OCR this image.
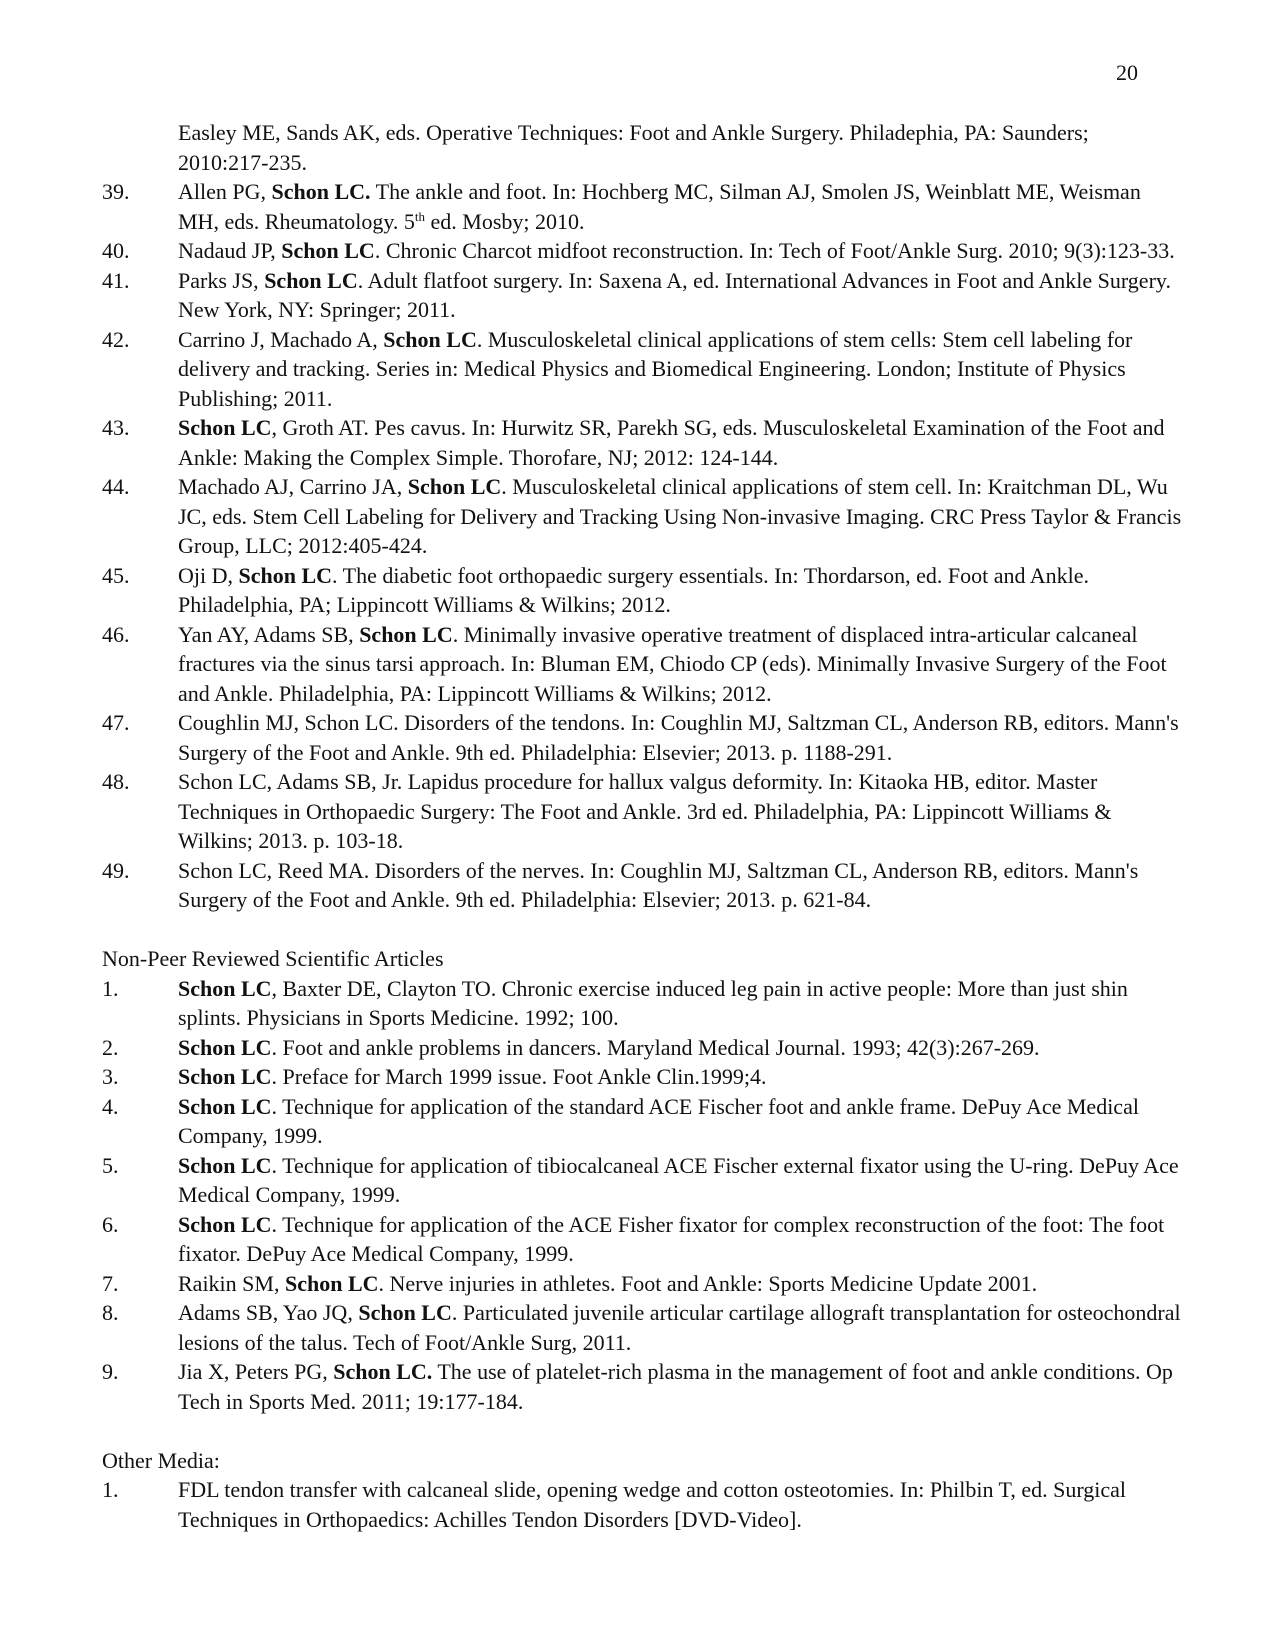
20
Easley ME, Sands AK, eds. Operative Techniques: Foot and Ankle Surgery. Philadephia, PA: Saunders; 2010:217-235.
39.	Allen PG, Schon LC. The ankle and foot. In: Hochberg MC, Silman AJ, Smolen JS, Weinblatt ME, Weisman MH, eds. Rheumatology. 5th ed. Mosby; 2010.
40.	Nadaud JP, Schon LC. Chronic Charcot midfoot reconstruction. In: Tech of Foot/Ankle Surg. 2010; 9(3):123-33.
41.	Parks JS, Schon LC. Adult flatfoot surgery. In: Saxena A, ed. International Advances in Foot and Ankle Surgery. New York, NY: Springer; 2011.
42.	Carrino J, Machado A, Schon LC. Musculoskeletal clinical applications of stem cells: Stem cell labeling for delivery and tracking. Series in: Medical Physics and Biomedical Engineering. London; Institute of Physics Publishing; 2011.
43.	Schon LC, Groth AT. Pes cavus. In: Hurwitz SR, Parekh SG, eds. Musculoskeletal Examination of the Foot and Ankle: Making the Complex Simple. Thorofare, NJ; 2012: 124-144.
44.	Machado AJ, Carrino JA, Schon LC. Musculoskeletal clinical applications of stem cell. In: Kraitchman DL, Wu JC, eds. Stem Cell Labeling for Delivery and Tracking Using Non-invasive Imaging. CRC Press Taylor & Francis Group, LLC; 2012:405-424.
45.	Oji D, Schon LC. The diabetic foot orthopaedic surgery essentials. In: Thordarson, ed. Foot and Ankle. Philadelphia, PA; Lippincott Williams & Wilkins; 2012.
46.	Yan AY, Adams SB, Schon LC. Minimally invasive operative treatment of displaced intra-articular calcaneal fractures via the sinus tarsi approach. In: Bluman EM, Chiodo CP (eds). Minimally Invasive Surgery of the Foot and Ankle. Philadelphia, PA: Lippincott Williams & Wilkins; 2012.
47.	Coughlin MJ, Schon LC. Disorders of the tendons. In: Coughlin MJ, Saltzman CL, Anderson RB, editors. Mann's Surgery of the Foot and Ankle. 9th ed. Philadelphia: Elsevier; 2013. p. 1188-291.
48.	Schon LC, Adams SB, Jr. Lapidus procedure for hallux valgus deformity. In: Kitaoka HB, editor. Master Techniques in Orthopaedic Surgery: The Foot and Ankle. 3rd ed. Philadelphia, PA: Lippincott Williams & Wilkins; 2013. p. 103-18.
49.	Schon LC, Reed MA. Disorders of the nerves. In: Coughlin MJ, Saltzman CL, Anderson RB, editors. Mann's Surgery of the Foot and Ankle. 9th ed. Philadelphia: Elsevier; 2013. p. 621-84.
Non-Peer Reviewed Scientific Articles
1.	Schon LC, Baxter DE, Clayton TO. Chronic exercise induced leg pain in active people: More than just shin splints. Physicians in Sports Medicine. 1992; 100.
2.	Schon LC. Foot and ankle problems in dancers. Maryland Medical Journal. 1993; 42(3):267-269.
3.	Schon LC. Preface for March 1999 issue. Foot Ankle Clin.1999;4.
4.	Schon LC. Technique for application of the standard ACE Fischer foot and ankle frame. DePuy Ace Medical Company, 1999.
5.	Schon LC. Technique for application of tibiocalcaneal ACE Fischer external fixator using the U-ring. DePuy Ace Medical Company, 1999.
6.	Schon LC. Technique for application of the ACE Fisher fixator for complex reconstruction of the foot: The foot fixator. DePuy Ace Medical Company, 1999.
7.	Raikin SM, Schon LC. Nerve injuries in athletes. Foot and Ankle: Sports Medicine Update 2001.
8.	Adams SB, Yao JQ, Schon LC. Particulated juvenile articular cartilage allograft transplantation for osteochondral lesions of the talus. Tech of Foot/Ankle Surg, 2011.
9.	Jia X, Peters PG, Schon LC. The use of platelet-rich plasma in the management of foot and ankle conditions. Op Tech in Sports Med. 2011; 19:177-184.
Other Media:
1.	FDL tendon transfer with calcaneal slide, opening wedge and cotton osteotomies. In: Philbin T, ed. Surgical Techniques in Orthopaedics: Achilles Tendon Disorders [DVD-Video].
